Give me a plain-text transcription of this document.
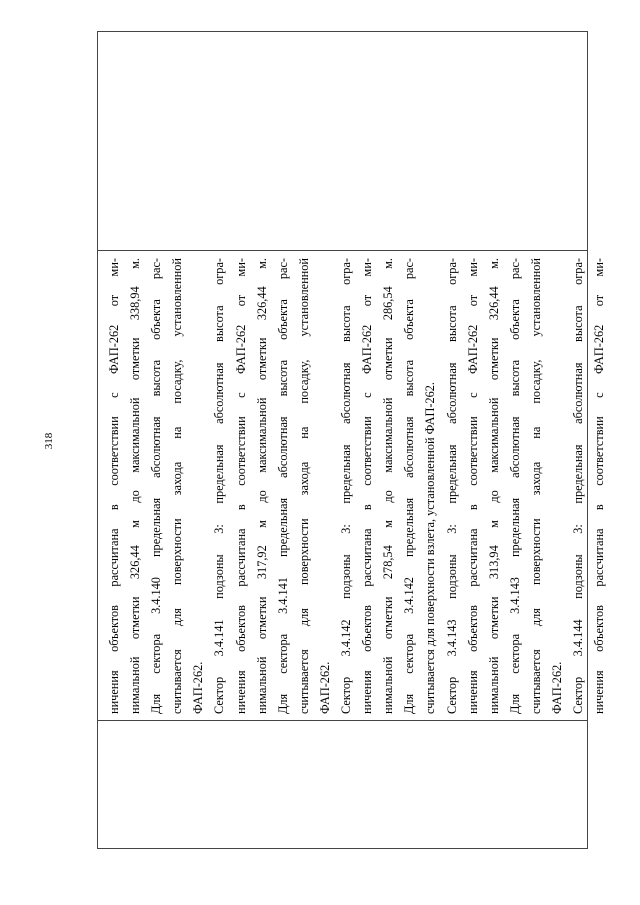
318	ничения объектов рассчитана в соответствии с ФАП-262 от ми- нимальной отметки 326,44 м до максимальной отметки 338,94 м. Для сектора 3.4.140 предельная абсолютная высота объекта рас- считывается для поверхности захода на посадку, установленной ФАП-262. Сектор 3.4.141 подзоны 3: предельная абсолютная высота огра- ничения объектов рассчитана в соответствии с ФАП-262 от ми- нимальной отметки 317,92 м до максимальной отметки 326,44 м. Для сектора 3.4.141 предельная абсолютная высота объекта рас- считывается для поверхности захода на посадку, установленной ФАП-262. Сектор 3.4.142 подзоны 3: предельная абсолютная высота огра- ничения объектов рассчитана в соответствии с ФАП-262 от ми- нимальной отметки 278,54 м до максимальной отметки 286,54 м. Для сектора 3.4.142 предельная абсолютная высота объекта рас- считывается для поверхности взлета, установленной ФАП-262. Сектор 3.4.143 подзоны 3: предельная абсолютная высота огра- ничения объектов рассчитана в соответствии с ФАП-262 от ми- нимальной отметки 313,94 м до максимальной отметки 326,44 м. Для сектора 3.4.143 предельная абсолютная высота объекта рас- считывается для поверхности захода на посадку, установленной ФАП-262. Сектор 3.4.144 подзоны 3: предельная абсолютная высота огра- ничения объектов рассчитана в соответствии с ФАП-262 от ми-
